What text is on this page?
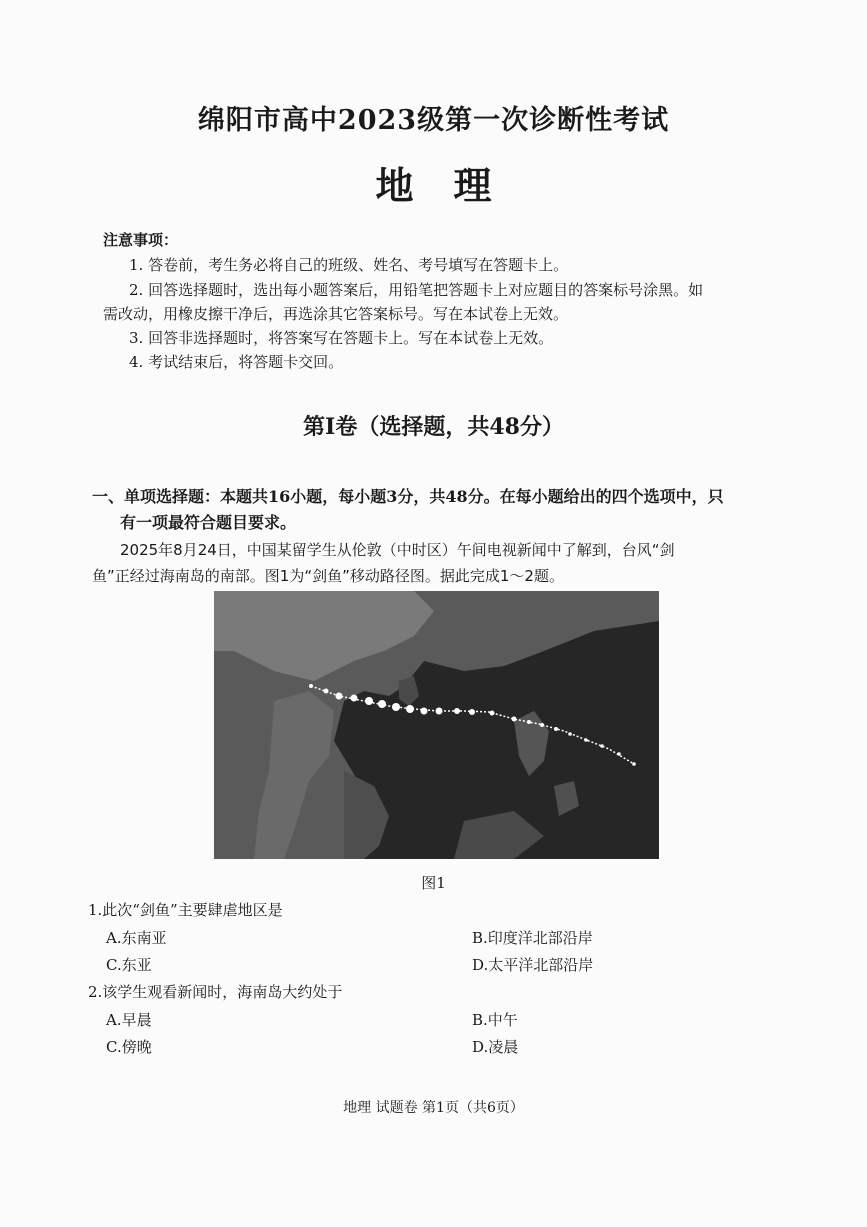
绵阳市高中2023级第一次诊断性考试
地理
注意事项：
1. 答卷前，考生务必将自己的班级、姓名、考号填写在答题卡上。
2. 回答选择题时，选出每小题答案后，用铅笔把答题卡上对应题目的答案标号涂黑。如
需改动，用橡皮擦干净后，再选涂其它答案标号。写在本试卷上无效。
3. 回答非选择题时，将答案写在答题卡上。写在本试卷上无效。
4. 考试结束后，将答题卡交回。
第Ⅰ卷（选择题，共48分）
一、单项选择题：本题共16小题，每小题3分，共48分。在每小题给出的四个选项中，只
有一项最符合题目要求。
2025年8月24日，中国某留学生从伦敦（中时区）午间电视新闻中了解到，台风“剑
鱼”正经过海南岛的南部。图1为“剑鱼”移动路径图。据此完成1～2题。
图1
1.此次“剑鱼”主要肆虐地区是
A.东南亚	B.印度洋北部沿岸
C.东亚	D.太平洋北部沿岸
2.该学生观看新闻时，海南岛大约处于
A.早晨	B.中午
C.傍晚	D.凌晨
地理 试题卷 第1页（共6页）
